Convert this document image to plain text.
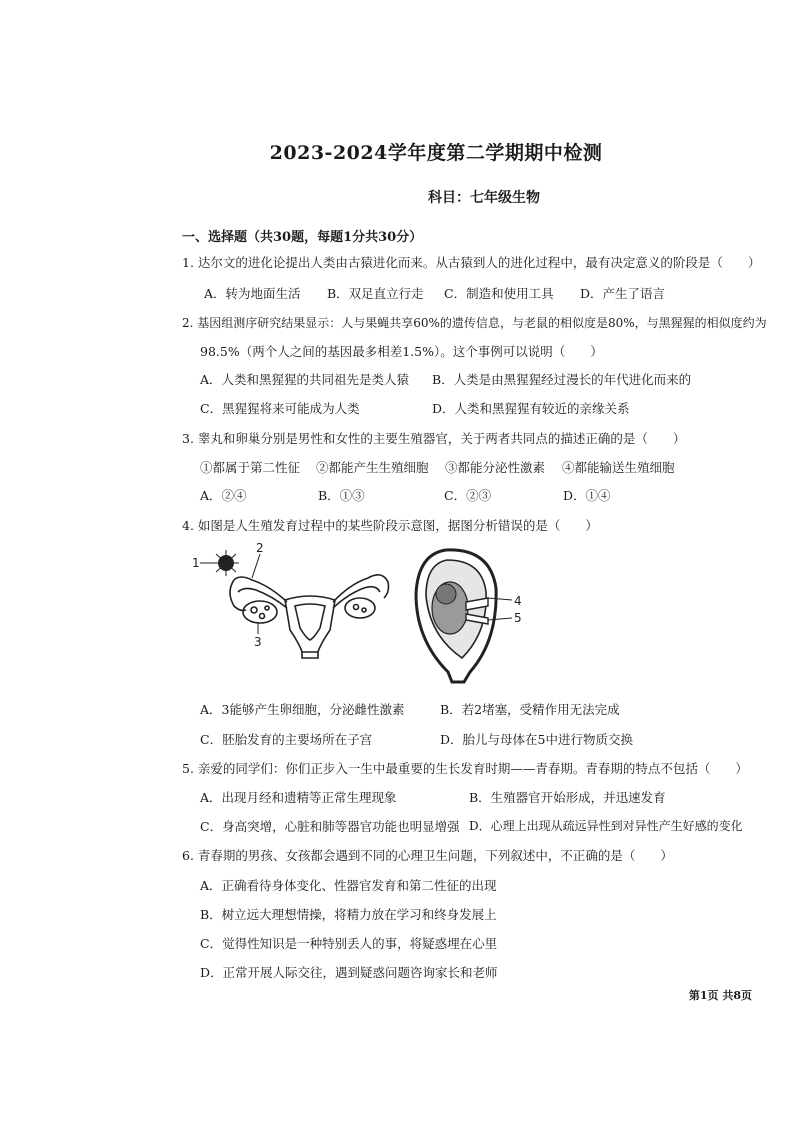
2023-2024学年度第二学期期中检测
科目：七年级生物
一、选择题（共30题，每题1分共30分）
1. 达尔文的进化论提出人类由古猿进化而来。从古猿到人的进化过程中，最有决定意义的阶段是（　　）
A．转为地面生活 B．双足直立行走 C．制造和使用工具 D．产生了语言
2. 基因组测序研究结果显示：人与果蝇共享60%的遗传信息，与老鼠的相似度是80%，与黑猩猩的相似度约为
98.5%（两个人之间的基因最多相差1.5%）。这个事例可以说明（　　）
A．人类和黑猩猩的共同祖先是类人猿 B．人类是由黑猩猩经过漫长的年代进化而来的
C．黑猩猩将来可能成为人类	D．人类和黑猩猩有较近的亲缘关系
3. 睾丸和卵巢分别是男性和女性的主要生殖器官，关于两者共同点的描述正确的是（　　）
①都属于第二性征 ②都能产生生殖细胞 ③都能分泌性激素 ④都能输送生殖细胞
A．②④	B．①③	C．②③	D．①④
4. 如图是人生殖发育过程中的某些阶段示意图，据图分析错误的是（　　）
1
2
3
4
5
A．3能够产生卵细胞，分泌雌性激素	B．若2堵塞，受精作用无法完成
C．胚胎发育的主要场所在子宫	D．胎儿与母体在5中进行物质交换
5. 亲爱的同学们：你们正步入一生中最重要的生长发育时期——青春期。青春期的特点不包括（　　）
A．出现月经和遗精等正常生理现象	B．生殖器官开始形成，并迅速发育
C．身高突增，心脏和肺等器官功能也明显增强 D．心理上出现从疏远异性到对异性产生好感的变化
6. 青春期的男孩、女孩都会遇到不同的心理卫生问题，下列叙述中，不正确的是（　　）
A．正确看待身体变化、性器官发育和第二性征的出现
B．树立远大理想情操，将精力放在学习和终身发展上
C．觉得性知识是一种特别丢人的事，将疑惑埋在心里
D．正常开展人际交往，遇到疑惑问题咨询家长和老师
第1页 共8页
